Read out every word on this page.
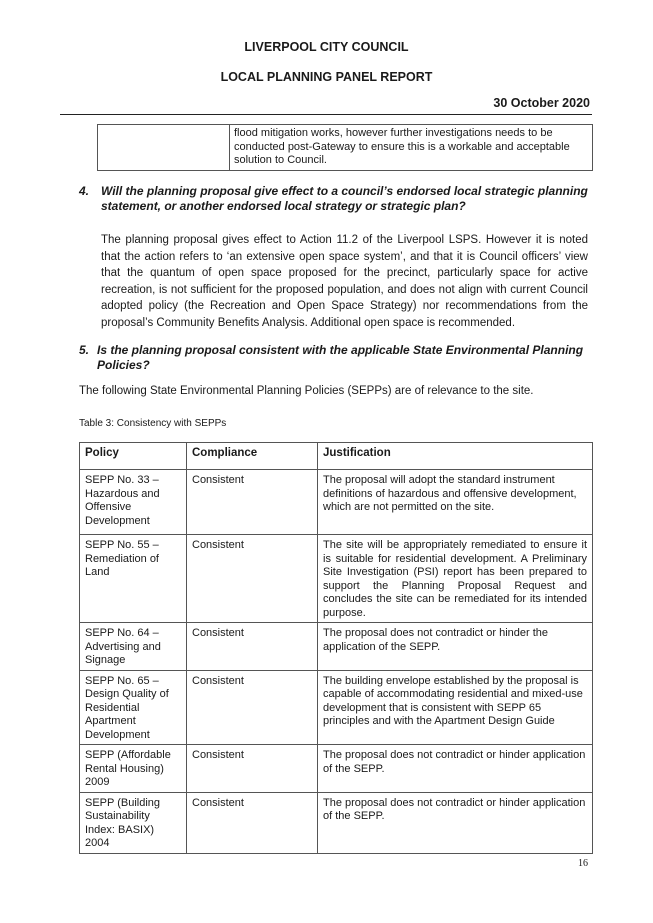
LIVERPOOL CITY COUNCIL
LOCAL PLANNING PANEL REPORT
30 October 2020
	flood mitigation works, however further investigations needs to be conducted post-Gateway to ensure this is a workable and acceptable solution to Council.
4. Will the planning proposal give effect to a council’s endorsed local strategic planning statement, or another endorsed local strategy or strategic plan?

The planning proposal gives effect to Action 11.2 of the Liverpool LSPS. However it is noted that the action refers to ‘an extensive open space system’, and that it is Council officers’ view that the quantum of open space proposed for the precinct, particularly space for active recreation, is not sufficient for the proposed population, and does not align with current Council adopted policy (the Recreation and Open Space Strategy) nor recommendations from the proposal’s Community Benefits Analysis. Additional open space is recommended.

5. Is the planning proposal consistent with the applicable State Environmental Planning Policies?
The following State Environmental Planning Policies (SEPPs) are of relevance to the site.
Table 3: Consistency with SEPPs
Policy	Compliance	Justification
SEPP No. 33 – Hazardous and Offensive Development	Consistent	The proposal will adopt the standard instrument definitions of hazardous and offensive development, which are not permitted on the site.
SEPP No. 55 – Remediation of Land	Consistent	The site will be appropriately remediated to ensure it is suitable for residential development. A Preliminary Site Investigation (PSI) report has been prepared to support the Planning Proposal Request and concludes the site can be remediated for its intended purpose.
SEPP No. 64 – Advertising and Signage	Consistent	The proposal does not contradict or hinder the application of the SEPP.
SEPP No. 65 – Design Quality of Residential Apartment Development	Consistent	The building envelope established by the proposal is capable of accommodating residential and mixed-use development that is consistent with SEPP 65 principles and with the Apartment Design Guide
SEPP (Affordable Rental Housing) 2009	Consistent	The proposal does not contradict or hinder application of the SEPP.
SEPP (Building Sustainability Index: BASIX) 2004	Consistent	The proposal does not contradict or hinder application of the SEPP.
16
